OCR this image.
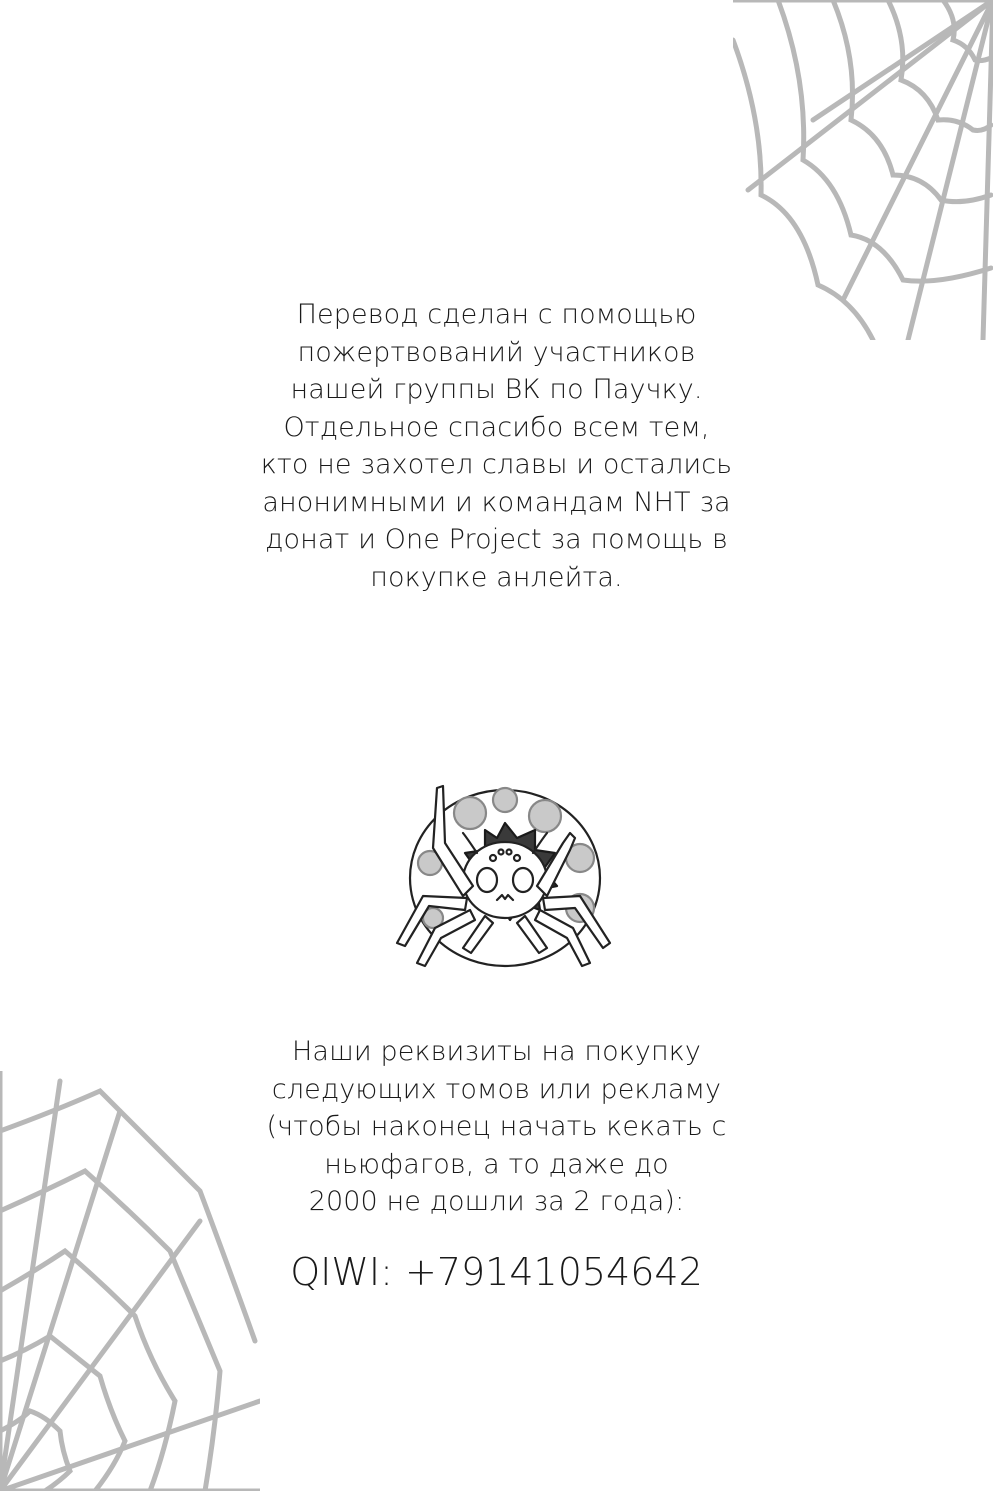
Перевод сделан с помощью
пожертвований участников
нашей группы ВК по Паучку.
Отдельное спасибо всем тем,
кто не захотел славы и остались
анонимными и командам NHT за
донат и One Project за помощь в
покупке анлейта.
Наши реквизиты на покупку
следующих томов или рекламу
(чтобы наконец начать кекать с
ньюфагов, а то даже до
2000 не дошли за 2 года):
QIWI: +79141054642
